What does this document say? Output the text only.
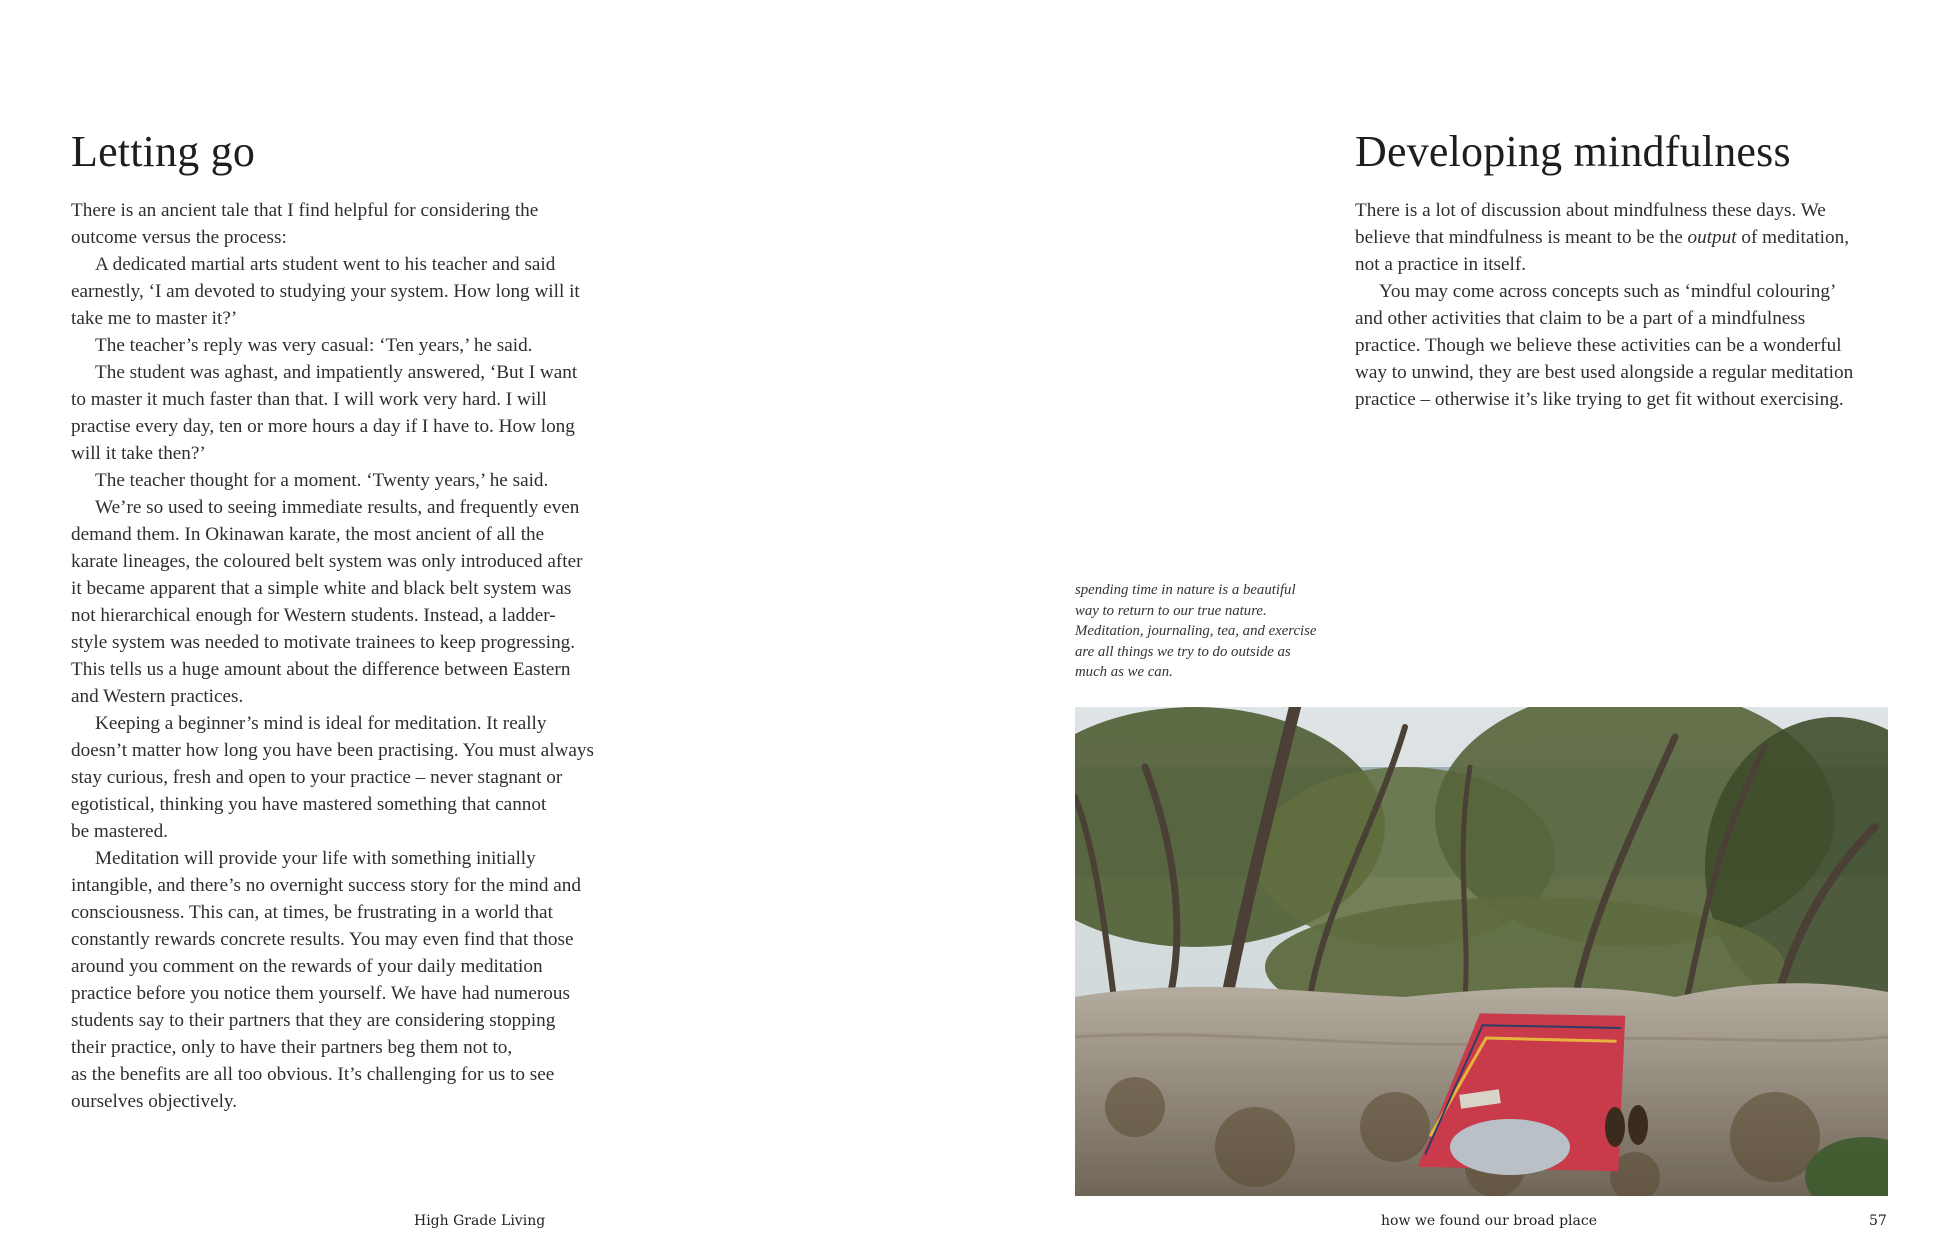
Letting go

There is an ancient tale that I find helpful for considering the
outcome versus the process:

A dedicated martial arts student went to his teacher and said
earnestly, ‘I am devoted to studying your system. How long will it
take me to master it?’

The teacher’s reply was very casual: ‘Ten years,’ he said.

The student was aghast, and impatiently answered, ‘But I want
to master it much faster than that. I will work very hard. I will
practise every day, ten or more hours a day if I have to. How long
will it take then?’

The teacher thought for a moment. ‘Twenty years,’ he said.

We’re so used to seeing immediate results, and frequently even
demand them. In Okinawan karate, the most ancient of all the
karate lineages, the coloured belt system was only introduced after
it became apparent that a simple white and black belt system was
not hierarchical enough for Western students. Instead, a ladder-
style system was needed to motivate trainees to keep progressing.
This tells us a huge amount about the difference between Eastern
and Western practices.

Keeping a beginner’s mind is ideal for meditation. It really
doesn’t matter how long you have been practising. You must always
stay curious, fresh and open to your practice – never stagnant or
egotistical, thinking you have mastered something that cannot
be mastered.

Meditation will provide your life with something initially
intangible, and there’s no overnight success story for the mind and
consciousness. This can, at times, be frustrating in a world that
constantly rewards concrete results. You may even find that those
around you comment on the rewards of your daily meditation
practice before you notice them yourself. We have had numerous
students say to their partners that they are considering stopping
their practice, only to have their partners beg them not to,
as the benefits are all too obvious. It’s challenging for us to see
ourselves objectively.

Developing mindfulness

There is a lot of discussion about mindfulness these days. We
believe that mindfulness is meant to be the output of meditation,
not a practice in itself.

You may come across concepts such as ‘mindful colouring’
and other activities that claim to be a part of a mindfulness
practice. Though we believe these activities can be a wonderful
way to unwind, they are best used alongside a regular meditation
practice – otherwise it’s like trying to get fit without exercising.

spending time in nature is a beautiful
way to return to our true nature.
Meditation, journaling, tea, and exercise
are all things we try to do outside as
much as we can.
High Grade Living	how we found our broad place	57
